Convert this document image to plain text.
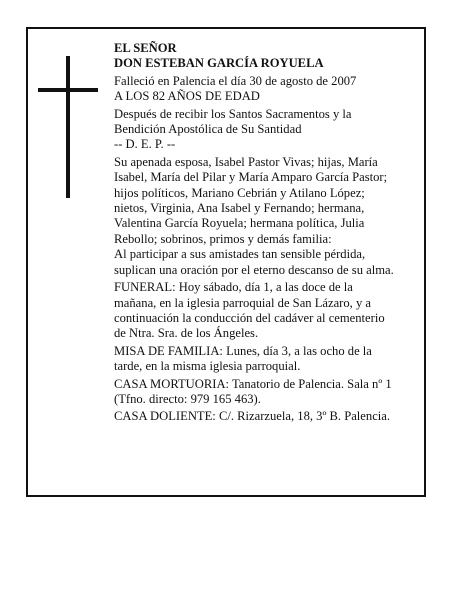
EL SEÑOR
DON ESTEBAN GARCÍA ROYUELA
Falleció en Palencia el día 30 de agosto de 2007
A LOS 82 AÑOS DE EDAD
Después de recibir los Santos Sacramentos y la
Bendición Apostólica de Su Santidad
-- D. E. P. --
Su apenada esposa, Isabel Pastor Vivas; hijas, María
Isabel, María del Pilar y María Amparo García Pastor;
hijos políticos, Mariano Cebrián y Atilano López;
nietos, Virginia, Ana Isabel y Fernando; hermana,
Valentina García Royuela; hermana política, Julia
Rebollo; sobrinos, primos y demás familia:
Al participar a sus amistades tan sensible pérdida,
suplican una oración por el eterno descanso de su alma.
FUNERAL: Hoy sábado, día 1, a las doce de la
mañana, en la iglesia parroquial de San Lázaro, y a
continuación la conducción del cadáver al cementerio
de Ntra. Sra. de los Ángeles.
MISA DE FAMILIA: Lunes, día 3, a las ocho de la
tarde, en la misma iglesia parroquial.
CASA MORTUORIA: Tanatorio de Palencia. Sala nº 1
(Tfno. directo: 979 165 463).
CASA DOLIENTE: C/. Rizarzuela, 18, 3º B. Palencia.
